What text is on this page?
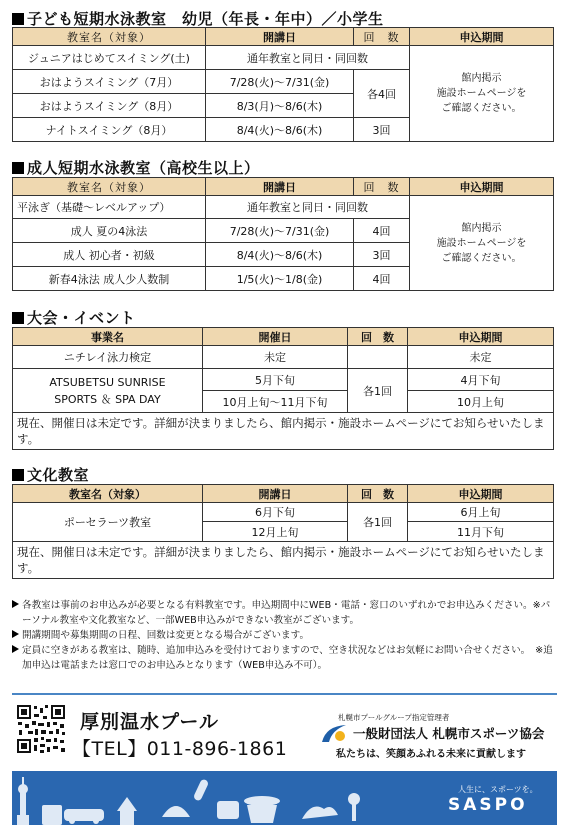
子ども短期水泳教室　幼児（年長・年中）／小学生
教室名（対象）	開講日	回　数	申込期間
ジュニアはじめてスイミング(土)	通年教室と同日・同回数		館内掲示
施設ホームページを
ご確認ください。

おはようスイミング（7月）	7/28(火)～7/31(金)	各4回	
おはようスイミング（8月）	8/3(月)～8/6(木)		
ナイトスイミング（8月）	8/4(火)～8/6(木)	3回	
成人短期水泳教室（高校生以上）
教室名（対象）	開講日	回　数	申込期間
平泳ぎ（基礎～レベルアップ）	通年教室と同日・同回数		館内掲示
施設ホームページを
ご確認ください。

成人 夏の4泳法	7/28(火)～7/31(金)	4回	
成人 初心者・初級	8/4(火)～8/6(木)	3回	
新春4泳法 成人少人数制	1/5(火)～1/8(金)	4回	
大会・イベント
事業名	開催日	回　数	申込期間
ニチレイ泳力検定	未定		未定

ATSUBETSU SUNRISE
SPORTS ＆ SPA DAY	5月下旬	各1回	4月下旬
	10月上旬～11月下旬		10月上旬
現在、開催日は未定です。詳細が決まりましたら、館内掲示・施設ホームページにてお知らせいたします。			
文化教室
教室名（対象）	開講日	回　数	申込期間
ポーセラーツ教室	6月下旬	各1回	6月上旬
	12月上旬		11月下旬
現在、開催日は未定です。詳細が決まりましたら、館内掲示・施設ホームページにてお知らせいたします。			

各教室は事前のお申込みが必要となる有料教室です。申込期間中にWEB・電話・窓口のいずれかでお申込みください。※パーソナル教室や文化教室など、一部WEB申込みができない教室がございます。

開講期間や募集期間の日程、回数は変更となる場合がございます。

定員に空きがある教室は、随時、追加申込みを受付けておりますので、空き状況などはお気軽にお問い合せください。　※追加申込は電話または窓口でのお申込みとなります（WEB申込み不可）。

厚別温水プール
【TEL】011-896-1861
札幌市プールグループ指定管理者
一般財団法人 札幌市スポーツ協会
私たちは、笑顔あふれる未来に貢献します
人生に、スポーツを。
SASPO
